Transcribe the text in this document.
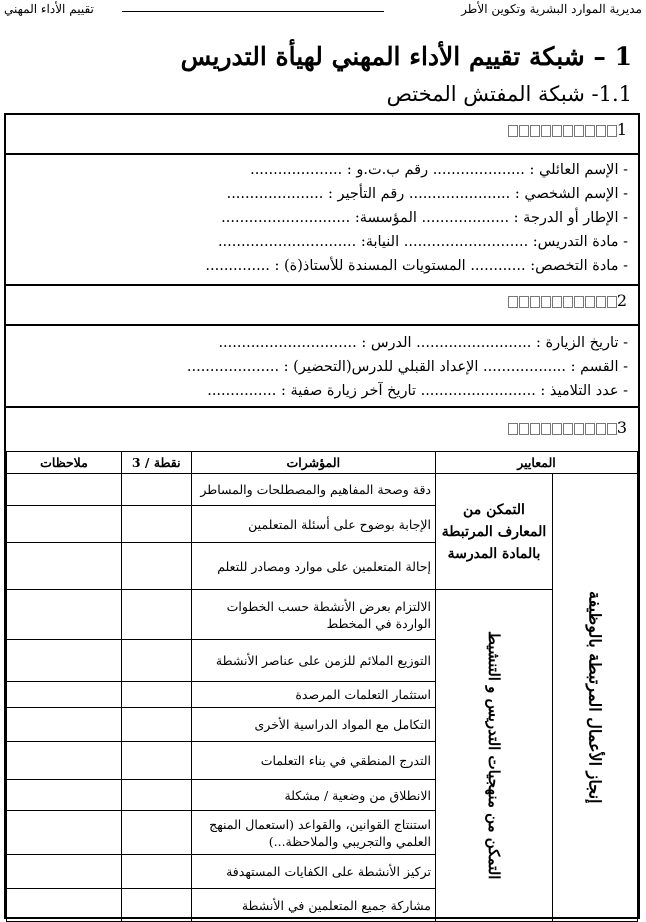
مديرية الموارد البشرية وتكوين الأطر
تقييم الأداء المهني
1 – شبكة تقييم الأداء المهني لهيأة التدريس
1.1- شبكة المفتش المختص
1
- الإسم العائلي : .................... رقم ب.ت.و : ....................
- الإسم الشخصي : ...................... رقم التأجير : .....................
- الإطار أو الدرجة : ................... المؤسسة: ............................
- مادة التدريس: ........................... النيابة: ..............................
- مادة التخصص: ............ المستويات المسندة للأستاذ(ة) : ..............
2
- تاريخ الزيارة : ......................... الدرس : ..............................
- القسم : .................. الإعداد القبلي للدرس(التحضير) : ....................
- عدد التلاميذ : ......................... تاريخ آخر زيارة صفية : ...............
3
المعايير		المؤشرات	نقطة / 3	ملاحظات
إنجاز الأعمال المرتبطة بالوظيفة	التمكن من المعارف المرتبطة بالمادة المدرسة	دقة وصحة المفاهيم والمصطلحات والمساطر		
		الإجابة بوضوح على أسئلة المتعلمين		
		إحالة المتعلمين على موارد ومصادر للتعلم		
	التمكن من منهجيات التدريس و التنشيط	الالتزام بعرض الأنشطة حسب الخطوات الواردة في المخطط		
		التوزيع الملائم للزمن على عناصر الأنشطة		
		استثمار التعلمات المرصدة		
		التكامل مع المواد الدراسية الأخرى		
		التدرج المنطقي في بناء التعلمات		
		الانطلاق من وضعية / مشكلة		
		استنتاج القوانين، والقواعد (استعمال المنهج العلمي والتجريبي والملاحظة...)		
		تركيز الأنشطة على الكفايات المستهدفة		
		مشاركة جميع المتعلمين في الأنشطة		
